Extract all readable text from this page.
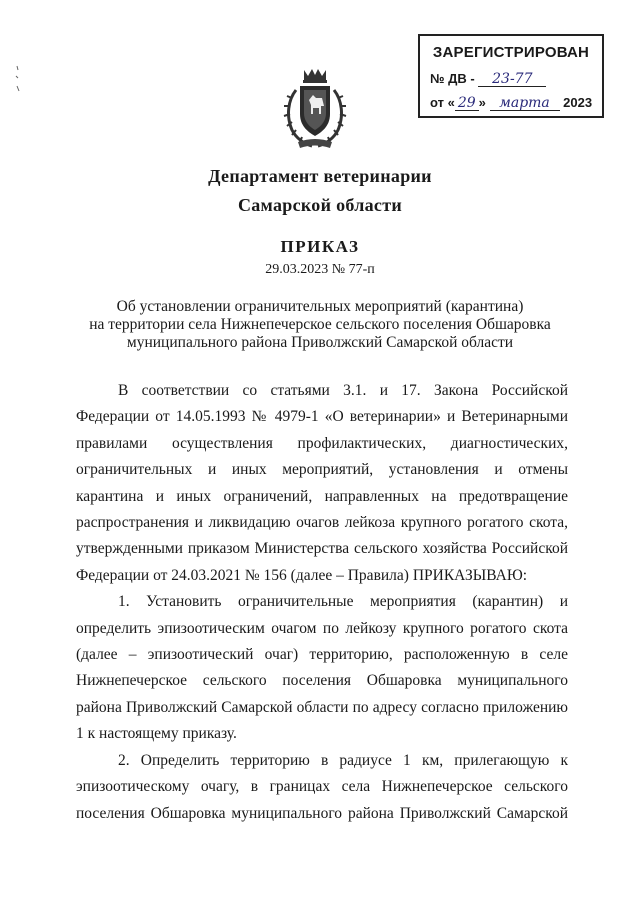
ЗАРЕГИСТРИРОВАН
№ ДВ - 23-77
от « 29 » марта 2023
Департамент ветеринарии
Самарской области
ПРИКАЗ
29.03.2023 № 77-п
Об установлении ограничительных мероприятий (карантина)
на территории села Нижнепечерское сельского поселения Обшаровка
муниципального района Приволжский Самарской области

В соответствии со статьями 3.1. и 17. Закона Российской Федерации от 14.05.1993 № 4979-1 «О ветеринарии» и Ветеринарными правилами осуществления профилактических, диагностических, ограничительных и иных мероприятий, установления и отмены карантина и иных ограничений, направленных на предотвращение распространения и ликвидацию очагов лейкоза крупного рогатого скота, утвержденными приказом Министерства сельского хозяйства Российской Федерации от 24.03.2021 № 156 (далее – Правила) ПРИКАЗЫВАЮ:

1. Установить ограничительные мероприятия (карантин) и определить эпизоотическим очагом по лейкозу крупного рогатого скота (далее – эпизоотический очаг) территорию, расположенную в селе Нижнепечерское сельского поселения Обшаровка муниципального района Приволжский Самарской области по адресу согласно приложению 1 к настоящему приказу.

2. Определить территорию в радиусе 1 км, прилегающую к эпизоотическому очагу, в границах села Нижнепечерское сельского поселения Обшаровка муниципального района Приволжский Самарской
